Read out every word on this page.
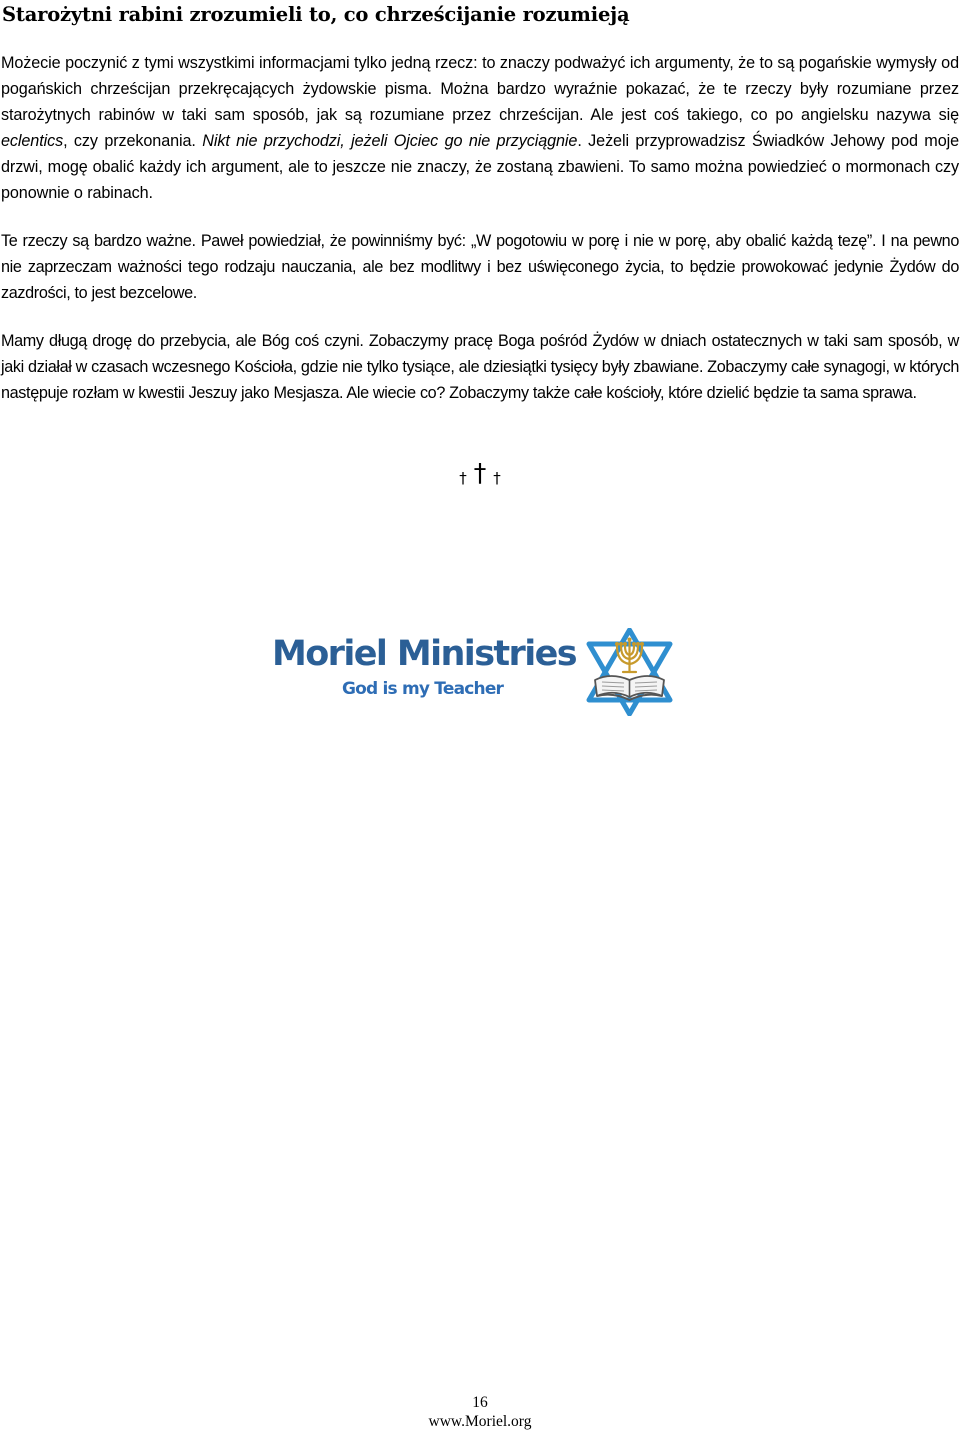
Starożytni rabini zrozumieli to, co chrześcijanie rozumieją

Możecie poczynić z tymi wszystkimi informacjami tylko jedną rzecz: to znaczy podważyć ich argumenty, że to są pogańskie wymysły od pogańskich chrześcijan przekręcających żydowskie pisma. Można bardzo wyraźnie pokazać, że te rzeczy były rozumiane przez starożytnych rabinów w taki sam sposób, jak są rozumiane przez chrześcijan. Ale jest coś takiego, co po angielsku nazywa się eclentics, czy przekonania. Nikt nie przychodzi, jeżeli Ojciec go nie przyciągnie. Jeżeli przyprowadzisz Świadków Jehowy pod moje drzwi, mogę obalić każdy ich argument, ale to jeszcze nie znaczy, że zostaną zbawieni. To samo można powiedzieć o mormonach czy ponownie o rabinach.

Te rzeczy są bardzo ważne. Paweł powiedział, że powinniśmy być: „W pogotowiu w porę i nie w porę, aby obalić każdą tezę”. I na pewno nie zaprzeczam ważności tego rodzaju nauczania, ale bez modlitwy i bez uświęconego życia, to będzie prowokować jedynie Żydów do zazdrości, to jest bezcelowe.

Mamy długą drogę do przebycia, ale Bóg coś czyni. Zobaczymy pracę Boga pośród Żydów w dniach ostatecznych w taki sam sposób, w jaki działał w czasach wczesnego Kościoła, gdzie nie tylko tysiące, ale dziesiątki tysięcy były zbawiane. Zobaczymy całe synagogi, w których następuje rozłam w kwestii Jeszuy jako Mesjasza. Ale wiecie co? Zobaczymy także całe kościoły, które dzielić będzie ta sama sprawa.

† † †
Moriel Ministries
God is my Teacher
16
www.Moriel.org
